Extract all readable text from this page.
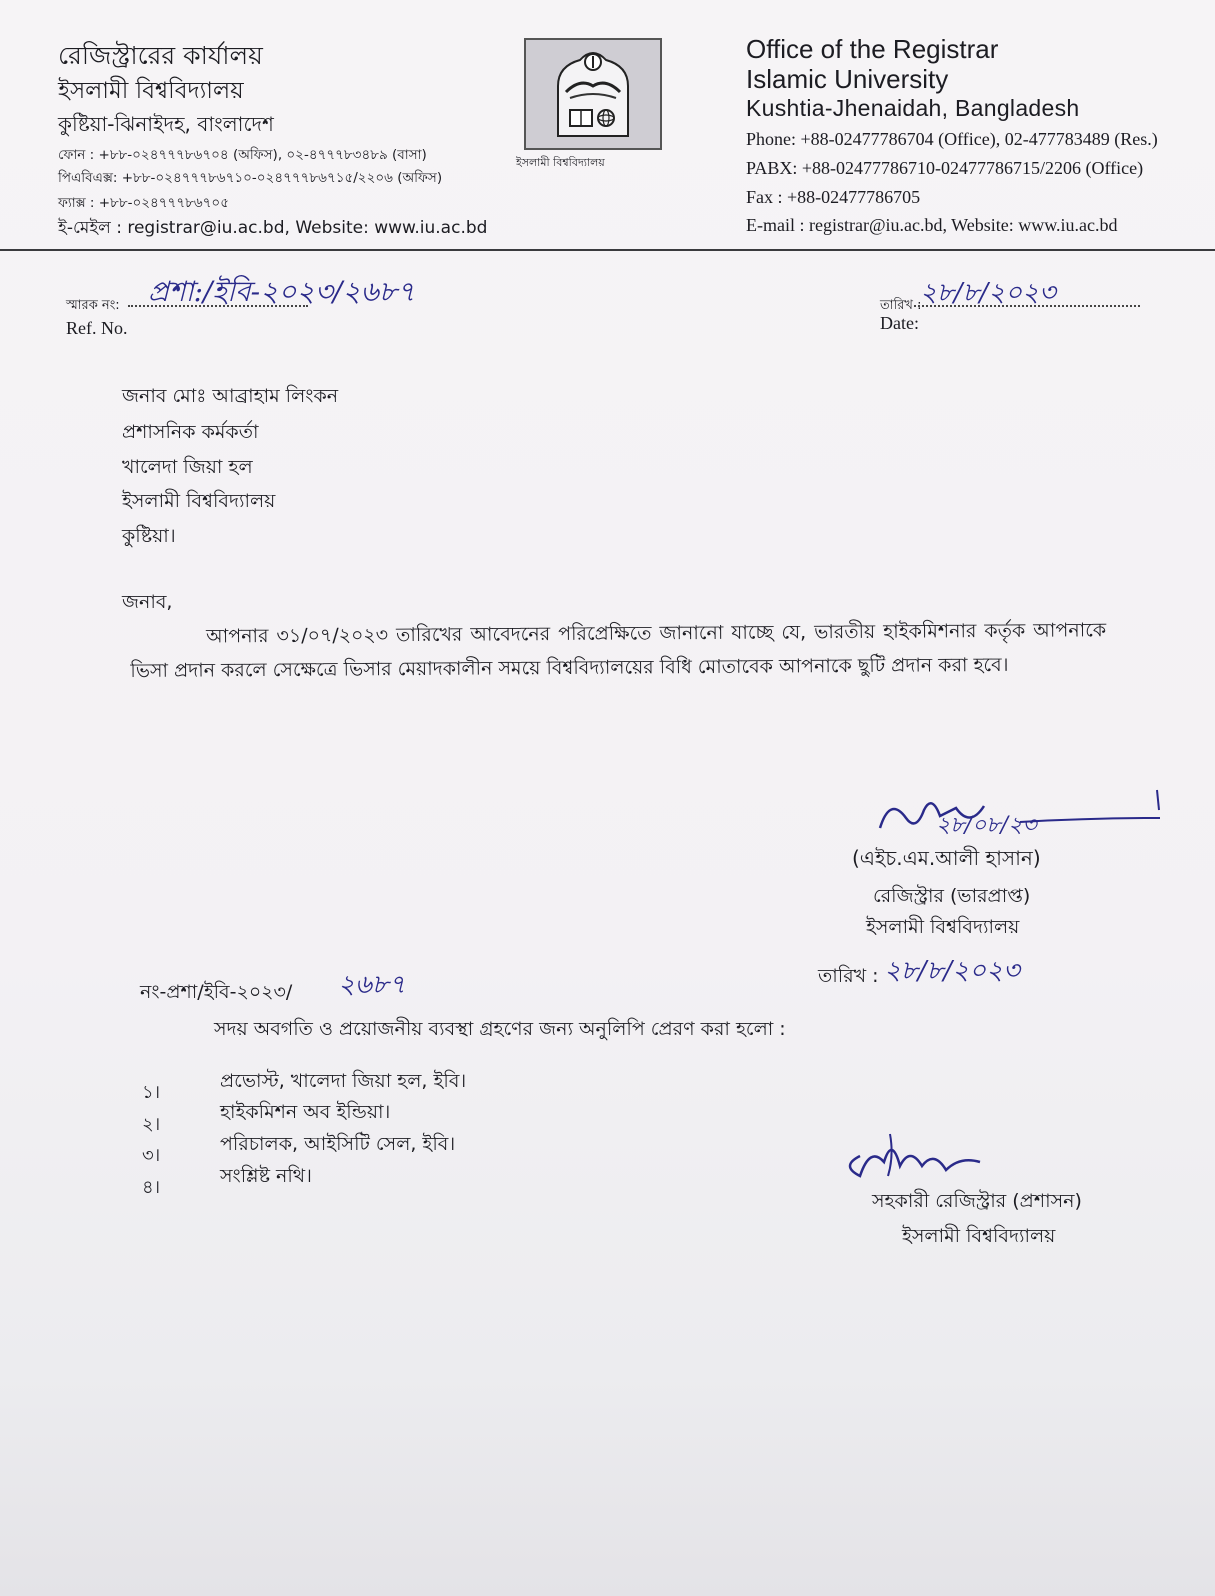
রেজিস্ট্রারের কার্যালয়
ইসলামী বিশ্ববিদ্যালয়
কুষ্টিয়া-ঝিনাইদহ, বাংলাদেশ
ফোন : +৮৮-০২৪৭৭৭৮৬৭০৪ (অফিস), ০২-৪৭৭৭৮৩৪৮৯ (বাসা)
পিএবিএক্স: +৮৮-০২৪৭৭৭৮৬৭১০-০২৪৭৭৭৮৬৭১৫/২২০৬ (অফিস)
ফ্যাক্স : +৮৮-০২৪৭৭৭৮৬৭০৫
ই-মেইল : registrar@iu.ac.bd, Website: www.iu.ac.bd
ইসলামী বিশ্ববিদ্যালয়
Office of the Registrar
Islamic University
Kushtia-Jhenaidah, Bangladesh
Phone: +88-02477786704 (Office), 02-477783489 (Res.)
PABX: +88-02477786710-02477786715/2206 (Office)
Fax : +88-02477786705
E-mail : registrar@iu.ac.bd, Website: www.iu.ac.bd
স্মারক নং: প্রশা:/ইবি-২০২৩/২৬৮৭
Ref. No.
তারিখ :
২৮/৮/২০২৩
Date:
জনাব মোঃ আব্রাহাম লিংকন
প্রশাসনিক কর্মকর্তা
খালেদা জিয়া হল
ইসলামী বিশ্ববিদ্যালয়
কুষ্টিয়া।
জনাব,
আপনার ৩১/০৭/২০২৩ তারিখের আবেদনের পরিপ্রেক্ষিতে জানানো যাচ্ছে যে, ভারতীয় হাইকমিশনার কর্তৃক আপনাকে ভিসা প্রদান করলে সেক্ষেত্রে ভিসার মেয়াদকালীন সময়ে বিশ্ববিদ্যালয়ের বিধি মোতাবেক আপনাকে ছুটি প্রদান করা হবে।
২৮/০৮/২৩
(এইচ.এম.আলী হাসান)
রেজিস্ট্রার (ভারপ্রাপ্ত)
ইসলামী বিশ্ববিদ্যালয়
তারিখ : ২৮/৮/২০২৩
নং-প্রশা/ইবি-২০২৩/ ২৬৮৭
সদয় অবগতি ও প্রয়োজনীয় ব্যবস্থা গ্রহণের জন্য অনুলিপি প্রেরণ করা হলো :
১।
প্রভোস্ট, খালেদা জিয়া হল, ইবি।
২।
হাইকমিশন অব ইন্ডিয়া।
৩।
পরিচালক, আইসিটি সেল, ইবি।
৪।
সংশ্লিষ্ট নথি।
সহকারী রেজিস্ট্রার (প্রশাসন)
ইসলামী বিশ্ববিদ্যালয়
